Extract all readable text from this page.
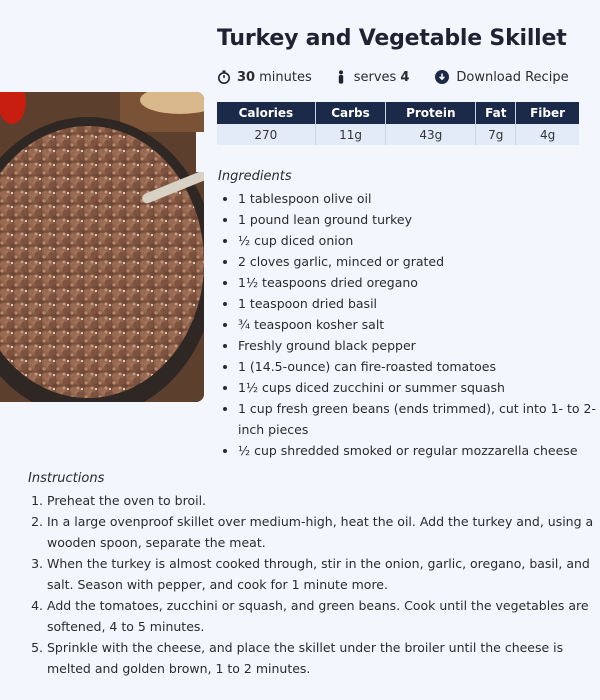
Turkey and Vegetable Skillet
30 minutes	serves 4	Download Recipe
Calories	Carbs	Protein	Fat	Fiber
270	11g	43g	7g	4g
Ingredients
• 1 tablespoon olive oil
• 1 pound lean ground turkey
• ½ cup diced onion
• 2 cloves garlic, minced or grated
• 1½ teaspoons dried oregano
• 1 teaspoon dried basil
• ¾ teaspoon kosher salt
• Freshly ground black pepper
• 1 (14.5-ounce) can fire-roasted tomatoes
• 1½ cups diced zucchini or summer squash
• 1 cup fresh green beans (ends trimmed), cut into 1- to 2-inch pieces
• ½ cup shredded smoked or regular mozzarella cheese
Instructions
1. Preheat the oven to broil.
2. In a large ovenproof skillet over medium-high, heat the oil. Add the turkey and, using a wooden spoon, separate the meat.
3. When the turkey is almost cooked through, stir in the onion, garlic, oregano, basil, and salt. Season with pepper, and cook for 1 minute more.
4. Add the tomatoes, zucchini or squash, and green beans. Cook until the vegetables are softened, 4 to 5 minutes.
5. Sprinkle with the cheese, and place the skillet under the broiler until the cheese is melted and golden brown, 1 to 2 minutes.
